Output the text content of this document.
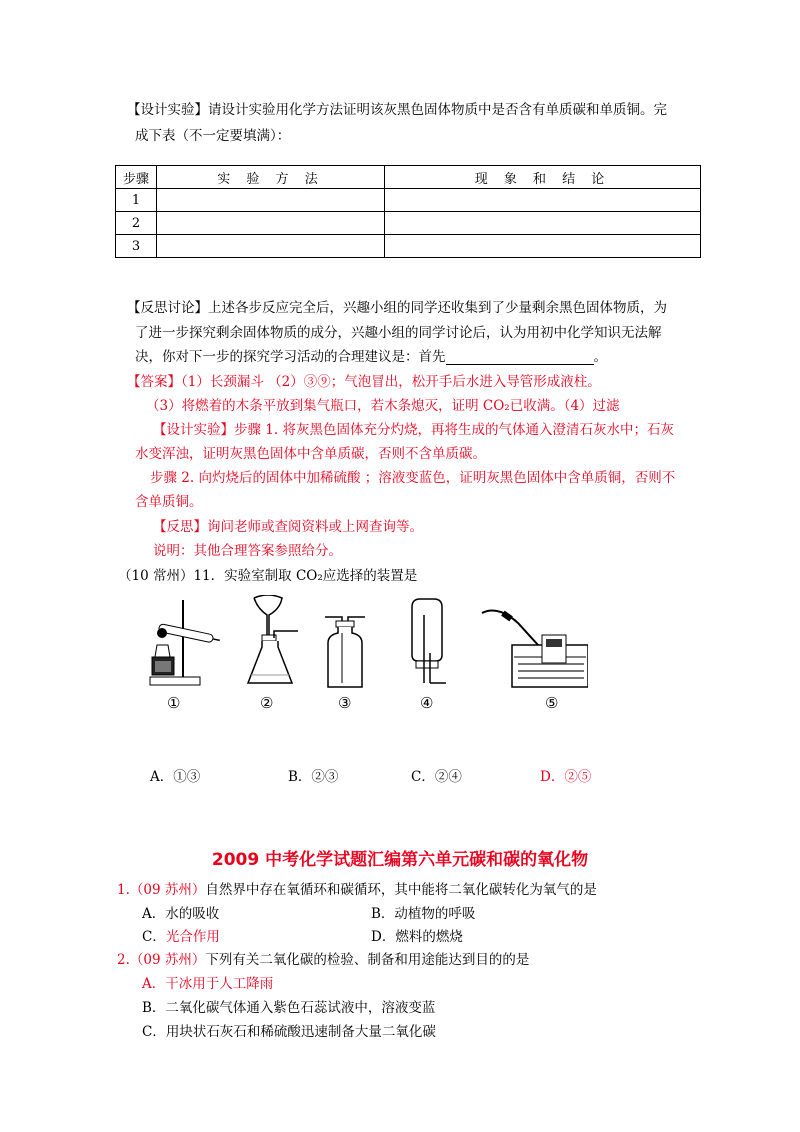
【设计实验】请设计实验用化学方法证明该灰黑色固体物质中是否含有单质碳和单质铜。完
成下表（不一定要填满）：
步骤	实 验 方 法	现 象 和 结 论
1		
2		
3		
【反思讨论】上述各步反应完全后，兴趣小组的同学还收集到了少量剩余黑色固体物质，为
了进一步探究剩余固体物质的成分，兴趣小组的同学讨论后，认为用初中化学知识无法解
决，你对下一步的探究学习活动的合理建议是：首先	。
【答案】（1）长颈漏斗 （2）③⑨；气泡冒出，松开手后水进入导管形成液柱。
（3）将燃着的木条平放到集气瓶口，若木条熄灭，证明 CO₂已收满。（4）过滤
【设计实验】步骤 1. 将灰黑色固体充分灼烧，再将生成的气体通入澄清石灰水中；石灰
水变浑浊，证明灰黑色固体中含单质碳，否则不含单质碳。
步骤 2. 向灼烧后的固体中加稀硫酸 ；溶液变蓝色，证明灰黑色固体中含单质铜，否则不
含单质铜。
【反思】询问老师或查阅资料或上网查询等。
说明：其他合理答案参照给分。
（10 常州）11．实验室制取 CO₂应选择的装置是
①	②	③	④	⑤
A．①③	B．②③	C．②④	D．②⑤
2009 中考化学试题汇编第六单元碳和碳的氧化物
1.（09 苏州）自然界中存在氧循环和碳循环，其中能将二氧化碳转化为氧气的是
A．水的吸收	B．动植物的呼吸
C．光合作用	D．燃料的燃烧
2.（09 苏州）下列有关二氧化碳的检验、制备和用途能达到目的的是
A．干冰用于人工降雨
B．二氧化碳气体通入紫色石蕊试液中，溶液变蓝
C．用块状石灰石和稀硫酸迅速制备大量二氧化碳
